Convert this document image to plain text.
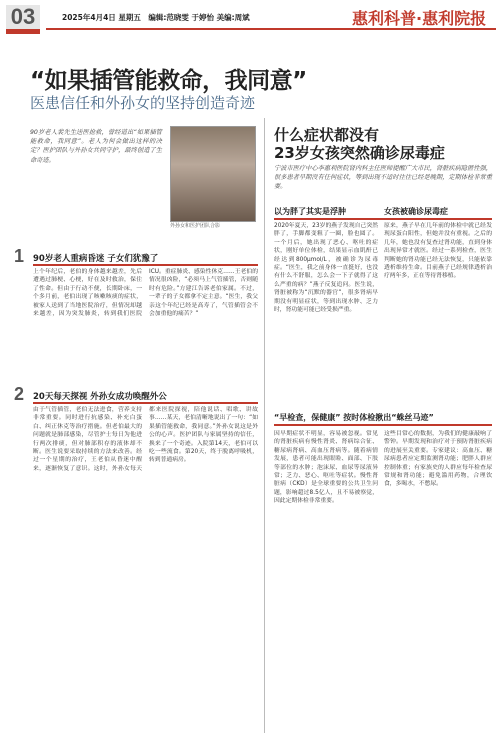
03	2025年4月4日 星期五　编辑:范晓雯 于婷怡 美编:周斌	惠利科普·惠利院报
“如果插管能救命，我同意”
医患信任和外孙女的坚持创造奇迹
90岁老人裴先生送医抢救，曾经道出“如果插管能救命，我同意”。老人为何会做出这样的决定？医护团队与外孙女共同守护，最终创造了生命奇迹。
外孙女和医护团队合影
1 90岁老人重病昏迷 子女们犹豫了
上个年纪后，老伯的身体越来越差，先后遭遇过肺梗、心梗，好在及时救治，保住了性命。但由于行动不便，长期卧床，一个多月前，老伯出现了咳嗽咳痰的症状，被家人送到了当地医院治疗，但情况却越来越差，因为突发肺炎，转到我们医院ICU。重症肺炎、感染性休克……王老伯的情况很凶险，“必须马上气管插管，否则随时有危险。”方建江告诉老伯家属。不过，一辈子的子女都拿不定主意。“医生，我父亲这个年纪已经是高寿了，气管插管会不会加重他的痛苦？”
2 20天每天探视 外孙女成功唤醒外公
由于气管插管，老伯无法进食，营养支持非常重要。同时进行抗感染、补充白蛋白、纠正休克等治疗措施。但老伯最大的问题就是肺部感染，尽管护士每日为他进行两次排痰，但对肺部积存的液体却不断。医生说要采取持续的方法来改善。经过一个星期的治疗，王老伯从昏迷中醒来，逐渐恢复了意识。这时，外孙女每天都来医院探视，陪他说话、唱歌、讲故事……某天，老伯清晰地说出了一句：“如果插管能救命，我同意。”外孙女说这是外公的心声。医护团队与家属坚持的信任，换来了一个奇迹。入院第14天，老伯可以吃一些流食。第20天，终于脱离呼吸机，转到普通病房。
什么症状都没有
23岁女孩突然确诊尿毒症
宁波市医疗中心李惠利医院肾内科主任医师提醒广大市民，肾脏疾病隐匿性强，很多患者早期没有任何症状，等到出现不适时往往已经是晚期，定期体检非常重要。
以为胖了其实是浮肿	女孩被确诊尿毒症
2020年夏天，23岁的燕子发现自己突然胖了，手脚都变粗了一圈，脸也圆了。一个月后，她出现了恶心、呕吐的症状，刚好单位体检，结果显示血肌酐已经达到800μmol/L，被确诊为尿毒症。“医生，我之前身体一直挺好，也没有什么不舒服，怎么会一下子就得了这么严重的病？”燕子反复追问。医生说，肾脏被称为“沉默的器官”，很多肾病早期没有明显症状，等到出现水肿、乏力时，肾功能可能已经受损严重。
原来，燕子早在几年前的体检中就已经发现尿蛋白阳性，但她并没有重视。之后的几年，她也没有复查过肾功能，直到身体出现异常才就医。经过一系列检查，医生判断她的肾功能已经无法恢复，只能依靠透析维持生命。目前燕子已经规律透析治疗两年多，正在等待肾移植。
“早检查，保健康” 按时体检揪出“蛛丝马迹”
因早期症状不明显，容易被忽视。常见的肾脏疾病有慢性肾炎、肾病综合征、糖尿病肾病、高血压肾病等。随着病情发展，患者可能出现眼睑、面部、下肢等部位的水肿；泡沫尿、血尿等尿液异常；乏力、恶心、呕吐等症状。慢性肾脏病（CKD）是全球重要的公共卫生问题，影响超过8.5亿人，且不易被察觉，因此定期体检非常重要。
这些目常心的数据，为我们的健康敲响了警钟。早期发现和治疗对于预防肾脏疾病的进展至关重要。专家建议：高血压、糖尿病患者应定期监测肾功能；肥胖人群应控制体重；有家族史的人群应每年检查尿常规和肾功能；避免滥用药物，合理饮食，多喝水，不憋尿。
